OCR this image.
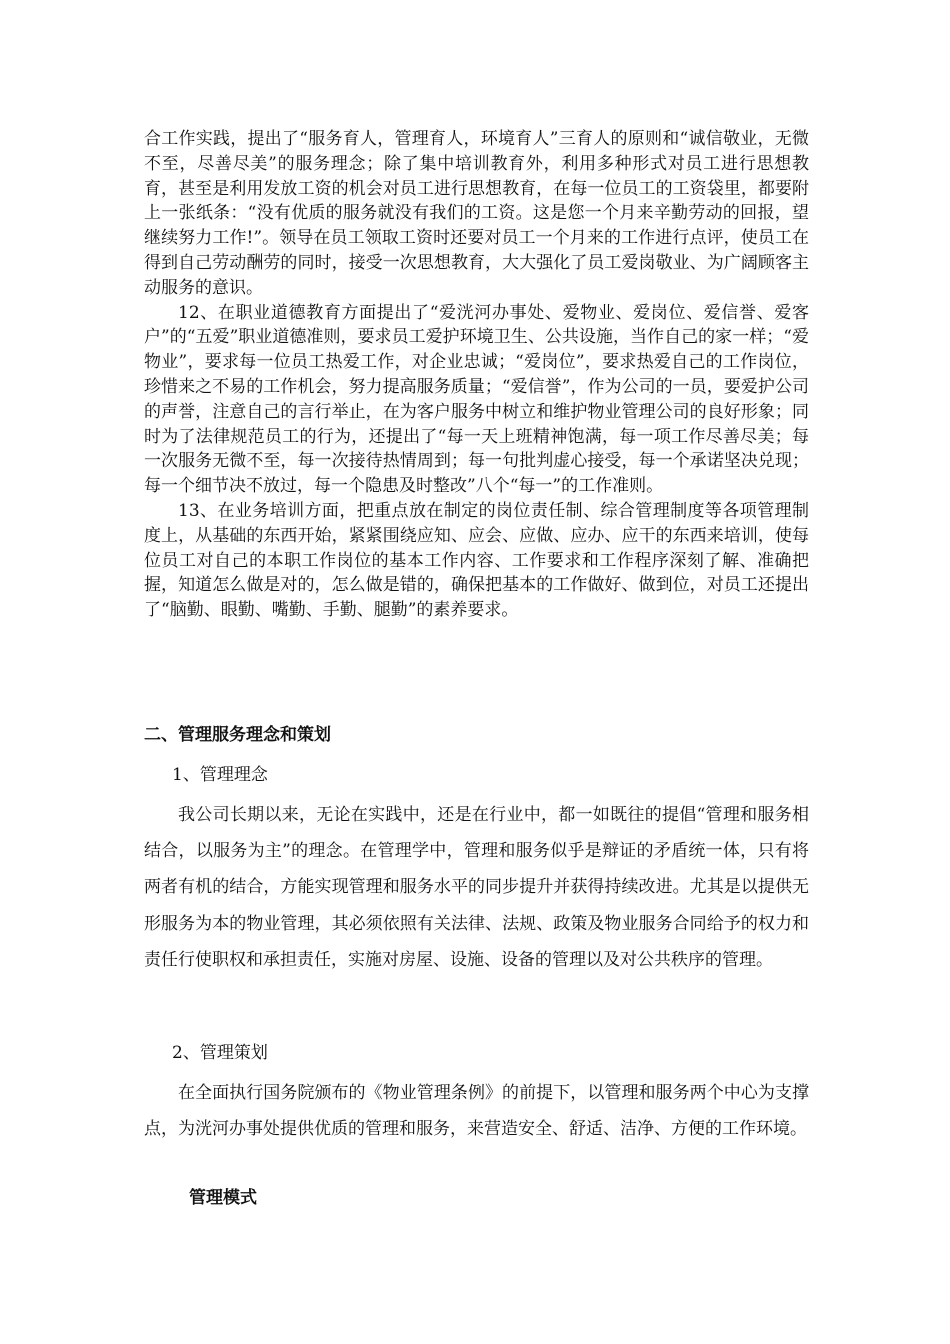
合工作实践，提出了“服务育人，管理育人，环境育人”三育人的原则和“诚信敬业，无微不至，尽善尽美”的服务理念；除了集中培训教育外，利用多种形式对员工进行思想教育，甚至是利用发放工资的机会对员工进行思想教育，在每一位员工的工资袋里，都要附上一张纸条：“没有优质的服务就没有我们的工资。这是您一个月来辛勤劳动的回报，望继续努力工作!”。领导在员工领取工资时还要对员工一个月来的工作进行点评，使员工在得到自己劳动酬劳的同时，接受一次思想教育，大大强化了员工爱岗敬业、为广阔顾客主动服务的意识。

12、在职业道德教育方面提出了“爱洸河办事处、爱物业、爱岗位、爱信誉、爱客户”的“五爱”职业道德准则，要求员工爱护环境卫生、公共设施，当作自己的家一样；“爱物业”，要求每一位员工热爱工作，对企业忠诚；“爱岗位”，要求热爱自己的工作岗位，珍惜来之不易的工作机会，努力提高服务质量；“爱信誉”，作为公司的一员，要爱护公司的声誉，注意自己的言行举止，在为客户服务中树立和维护物业管理公司的良好形象；同时为了法律规范员工的行为，还提出了“每一天上班精神饱满，每一项工作尽善尽美；每一次服务无微不至，每一次接待热情周到；每一句批判虚心接受，每一个承诺坚决兑现；每一个细节决不放过，每一个隐患及时整改”八个“每一”的工作准则。

13、在业务培训方面，把重点放在制定的岗位责任制、综合管理制度等各项管理制度上，从基础的东西开始，紧紧围绕应知、应会、应做、应办、应干的东西来培训，使每位员工对自己的本职工作岗位的基本工作内容、工作要求和工作程序深刻了解、准确把握，知道怎么做是对的，怎么做是错的，确保把基本的工作做好、做到位，对员工还提出了“脑勤、眼勤、嘴勤、手勤、腿勤”的素养要求。

二、管理服务理念和策划
1、管理理念

我公司长期以来，无论在实践中，还是在行业中，都一如既往的提倡“管理和服务相结合，以服务为主”的理念。在管理学中，管理和服务似乎是辩证的矛盾统一体，只有将两者有机的结合，方能实现管理和服务水平的同步提升并获得持续改进。尤其是以提供无形服务为本的物业管理，其必须依照有关法律、法规、政策及物业服务合同给予的权力和责任行使职权和承担责任，实施对房屋、设施、设备的管理以及对公共秩序的管理。

2、管理策划

在全面执行国务院颁布的《物业管理条例》的前提下，以管理和服务两个中心为支撑点，为洸河办事处提供优质的管理和服务，来营造安全、舒适、洁净、方便的工作环境。

管理模式
